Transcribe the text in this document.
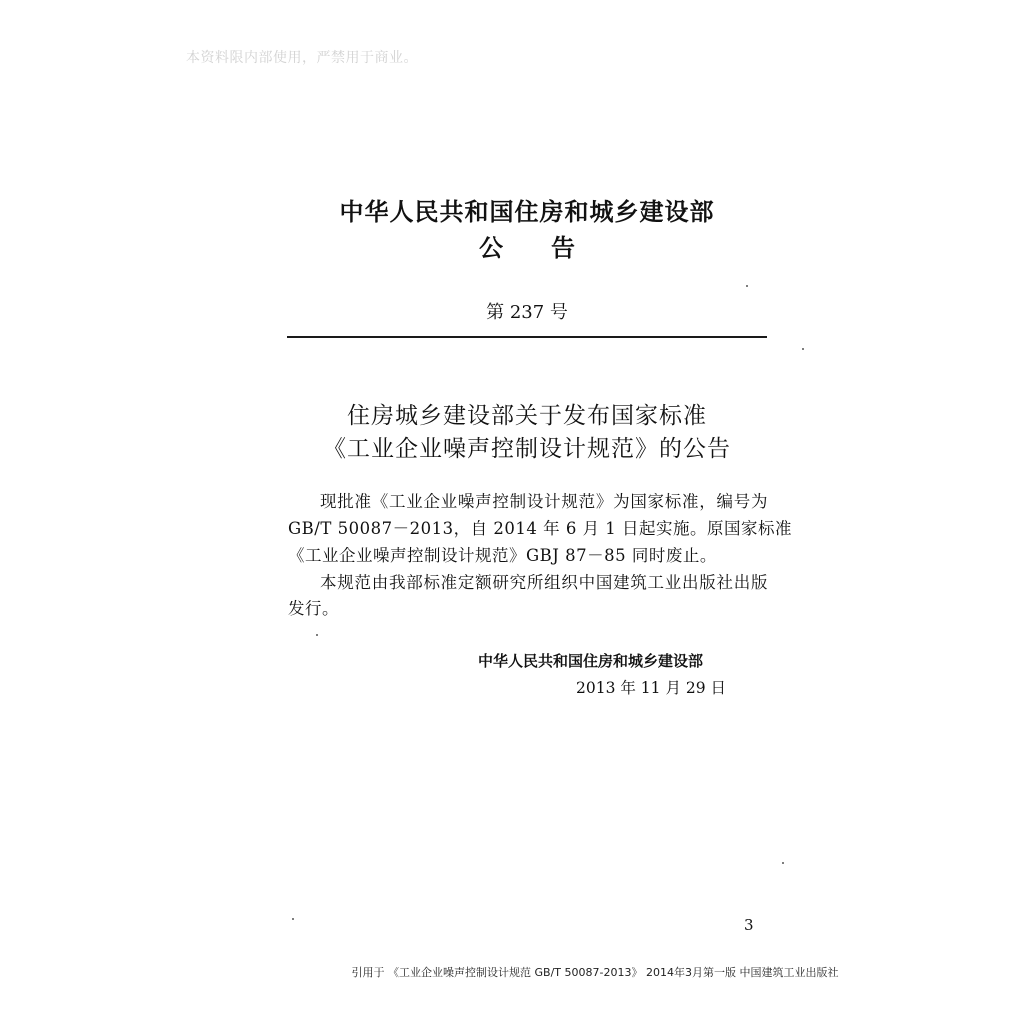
本资料限内部使用，严禁用于商业。
中华人民共和国住房和城乡建设部
公　　告
第 237 号
住房城乡建设部关于发布国家标准
《工业企业噪声控制设计规范》的公告
现批准《工业企业噪声控制设计规范》为国家标准，编号为
GB/T 50087－2013，自 2014 年 6 月 1 日起实施。原国家标准
《工业企业噪声控制设计规范》GBJ 87－85 同时废止。
本规范由我部标准定额研究所组织中国建筑工业出版社出版
发行。
中华人民共和国住房和城乡建设部
2013 年 11 月 29 日
3
引用于 《工业企业噪声控制设计规范 GB/T 50087-2013》 2014年3月第一版 中国建筑工业出版社
